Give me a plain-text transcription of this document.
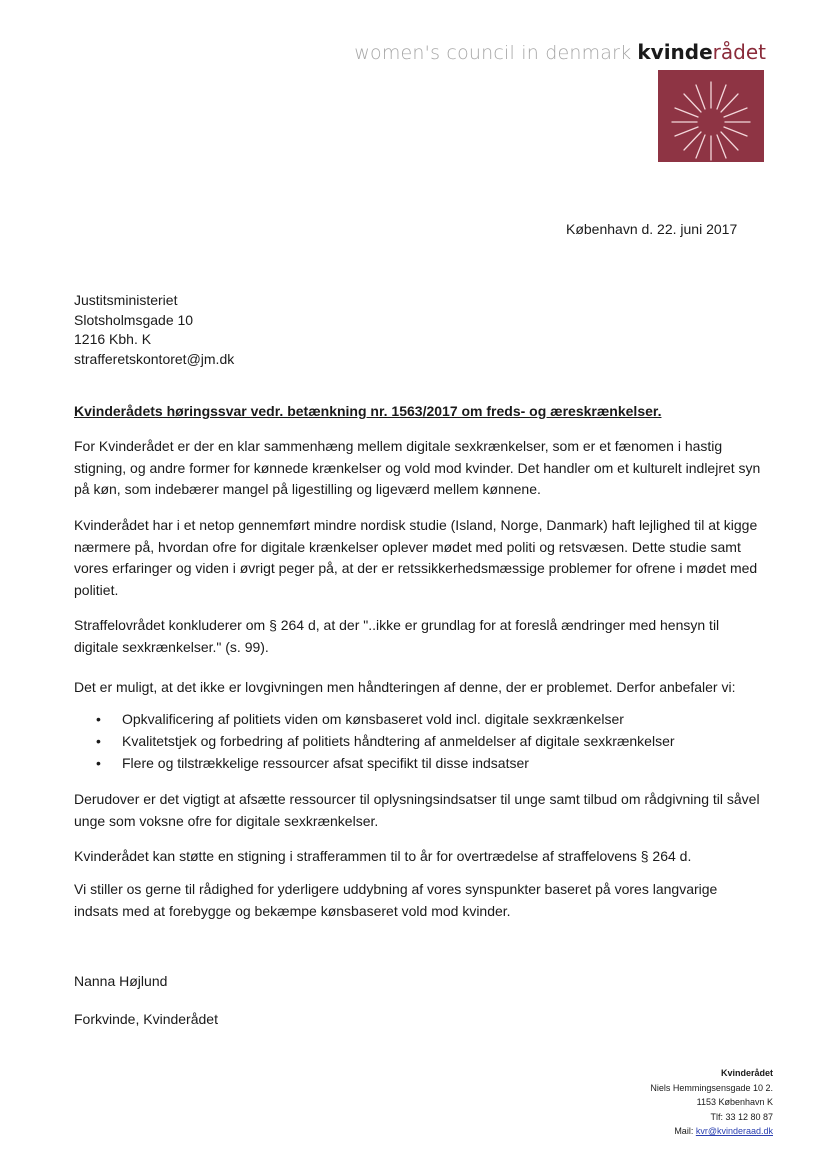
women's council in denmark kvinderådet
København d. 22. juni 2017
Justitsministeriet
Slotsholmsgade 10
1216 Kbh. K
strafferetskontoret@jm.dk
Kvinderådets høringssvar vedr. betænkning nr. 1563/2017 om freds- og æreskrænkelser.

For Kvinderådet er der en klar sammenhæng mellem digitale sexkrænkelser, som er et fænomen i hastig stigning, og andre former for kønnede krænkelser og vold mod kvinder. Det handler om et kulturelt indlejret syn på køn, som indebærer mangel på ligestilling og ligeværd mellem kønnene.

Kvinderådet har i et netop gennemført mindre nordisk studie (Island, Norge, Danmark) haft lejlighed til at kigge nærmere på, hvordan ofre for digitale krænkelser oplever mødet med politi og retsvæsen. Dette studie samt vores erfaringer og viden i øvrigt peger på, at der er retssikkerhedsmæssige problemer for ofrene i mødet med politiet.

Straffelovrådet konkluderer om § 264 d, at der "..ikke er grundlag for at foreslå ændringer med hensyn til digitale sexkrænkelser." (s. 99).

Det er muligt, at det ikke er lovgivningen men håndteringen af denne, der er problemet. Derfor anbefaler vi:

• Opkvalificering af politiets viden om kønsbaseret vold incl. digitale sexkrænkelser
• Kvalitetstjek og forbedring af politiets håndtering af anmeldelser af digitale sexkrænkelser
• Flere og tilstrækkelige ressourcer afsat specifikt til disse indsatser

Derudover er det vigtigt at afsætte ressourcer til oplysningsindsatser til unge samt tilbud om rådgivning til såvel unge som voksne ofre for digitale sexkrænkelser.

Kvinderådet kan støtte en stigning i strafferammen til to år for overtrædelse af straffelovens § 264 d.

Vi stiller os gerne til rådighed for yderligere uddybning af vores synspunkter baseret på vores langvarige indsats med at forebygge og bekæmpe kønsbaseret vold mod kvinder.

Nanna Højlund
Forkvinde, Kvinderådet
Kvinderådet
Niels Hemmingsensgade 10 2.
1153 København K
Tlf: 33 12 80 87
Mail: kvr@kvinderaad.dk
